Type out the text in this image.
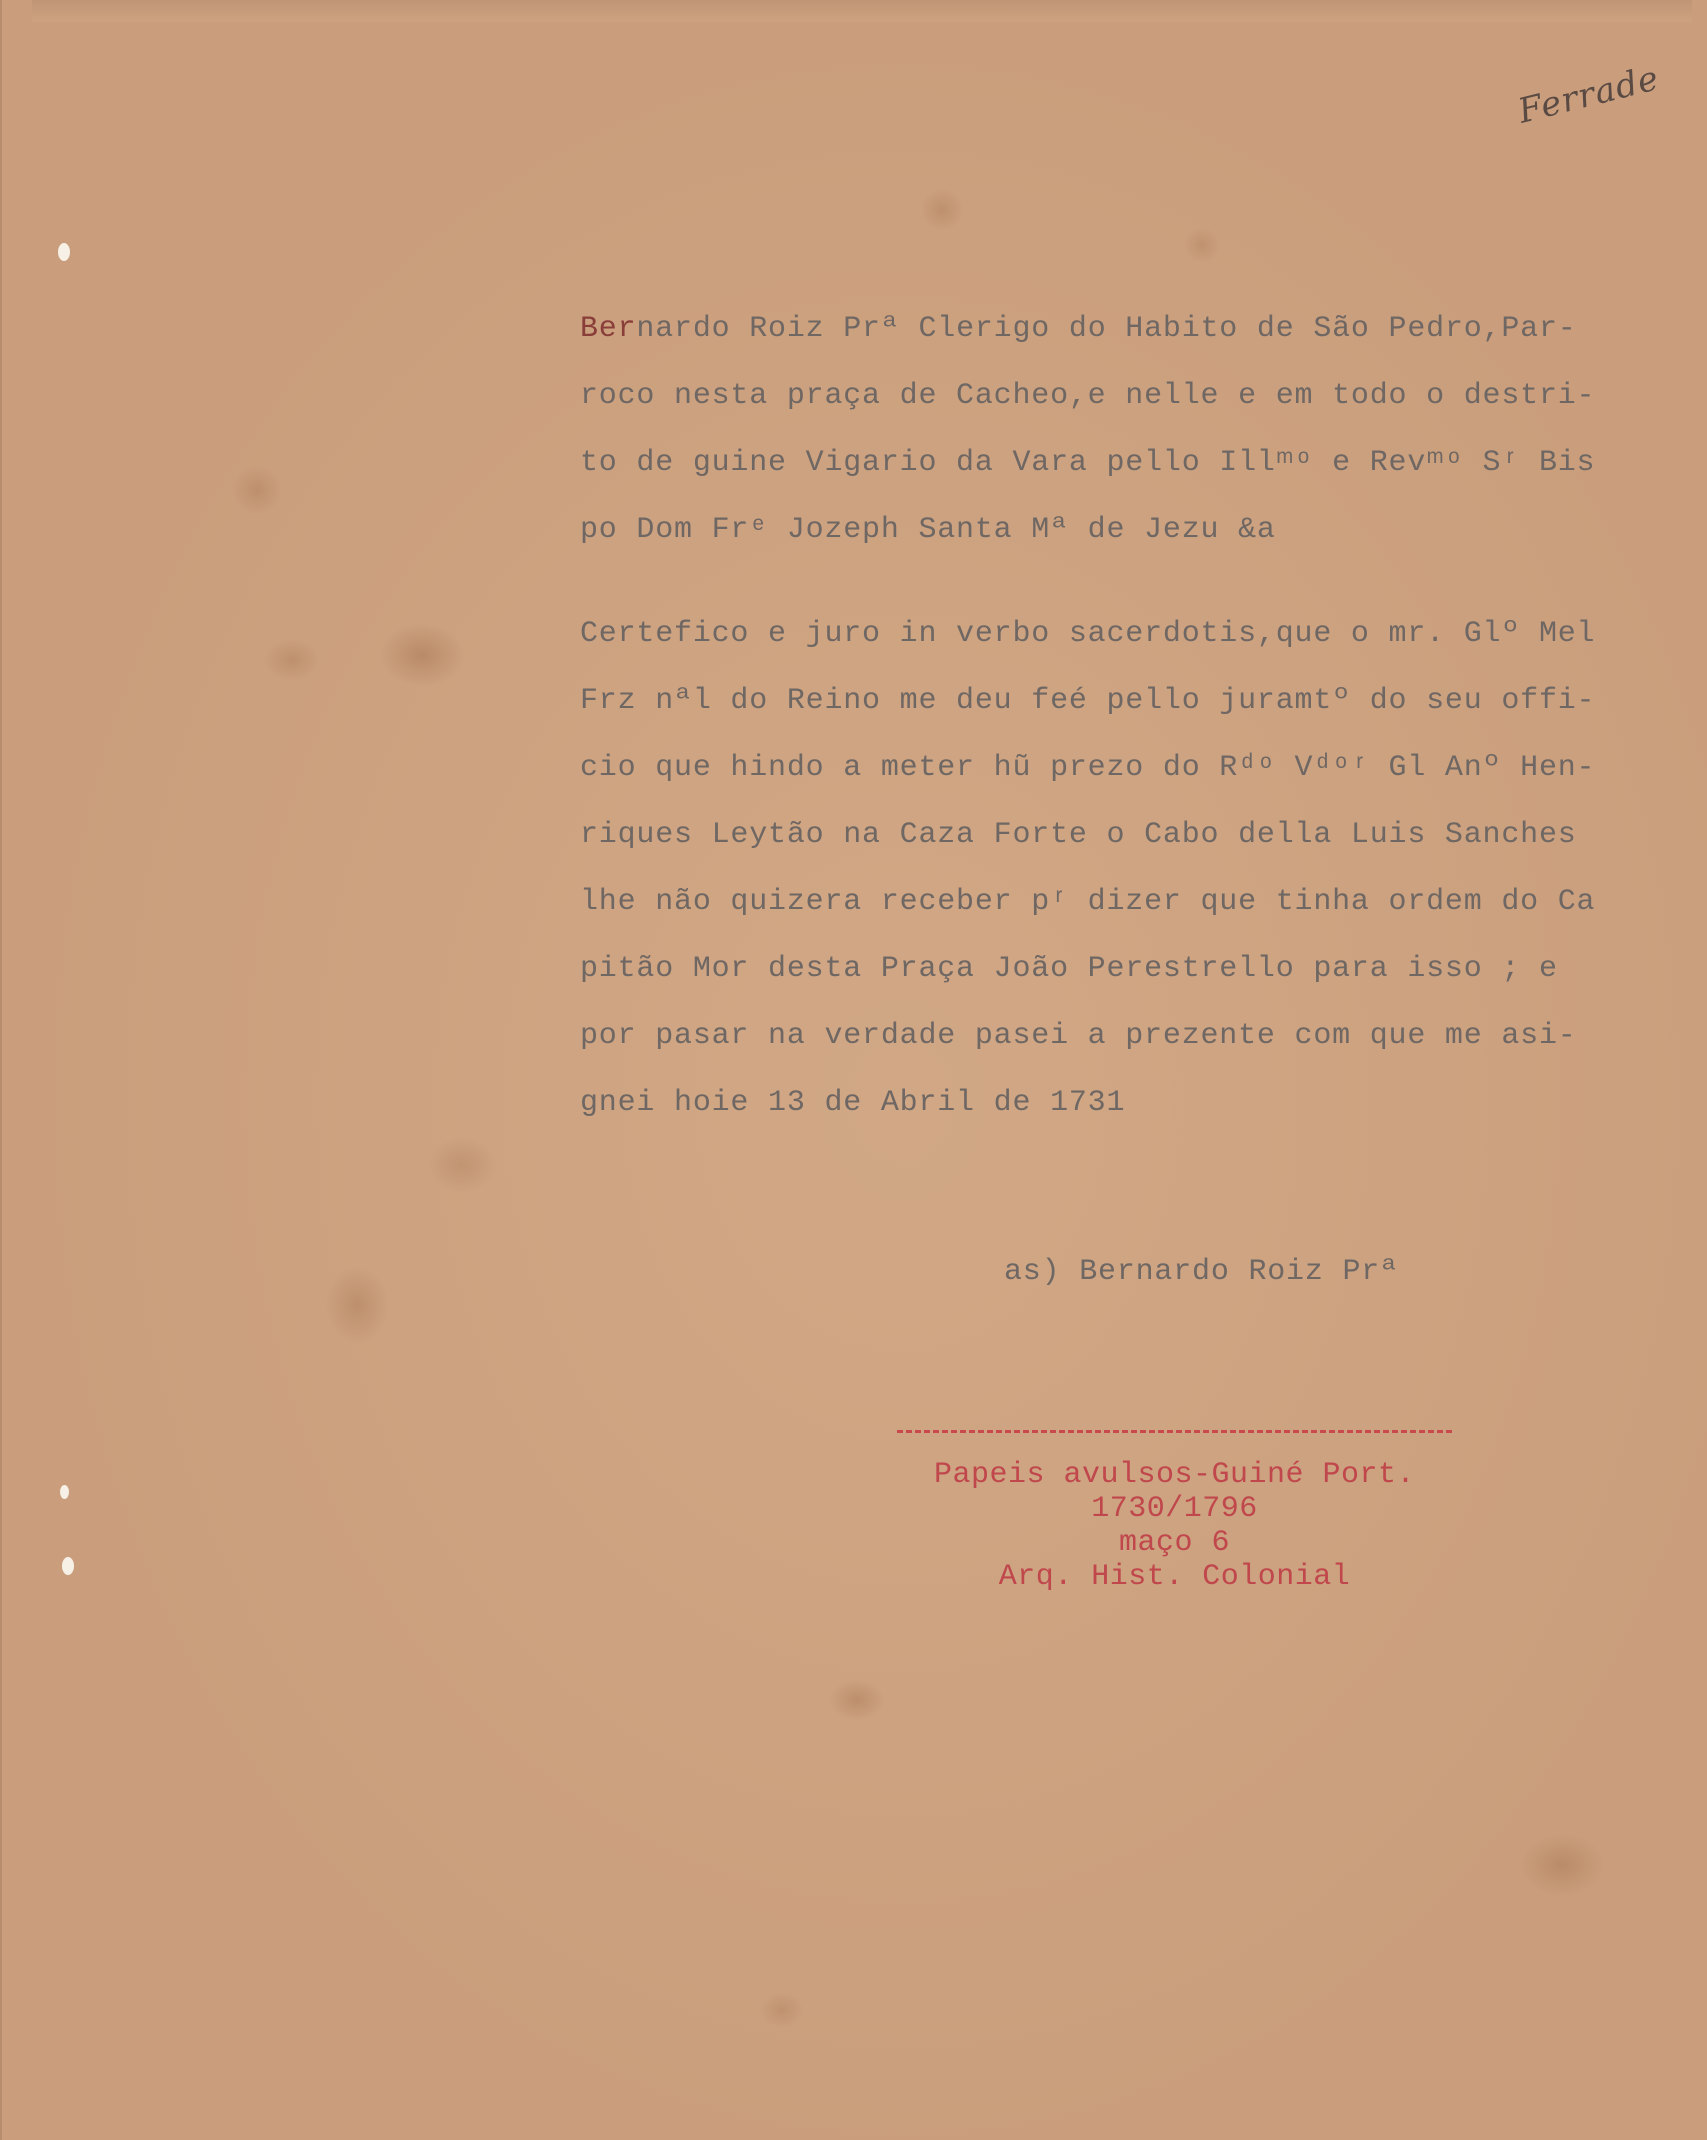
Ferrade
Bernardo Roiz Prª Clerigo do Habito de São Pedro,Par-
roco nesta praça de Cacheo,e nelle e em todo o destri-
to de guine Vigario da Vara pello Illᵐᵒ e Revᵐᵒ Sʳ Bis
po Dom Frᵉ Jozeph Santa Mª de Jezu &a
Certefico e juro in verbo sacerdotis,que o mr. Glº Mel
Frz nªl do Reino me deu feé pello juramtº do seu offi-
cio que hindo a meter hũ prezo do Rᵈᵒ Vᵈᵒʳ Gl Anº Hen-
riques Leytão na Caza Forte o Cabo della Luis Sanches
lhe não quizera receber pʳ dizer que tinha ordem do Ca
pitão Mor desta Praça João Perestrello para isso ; e
por pasar na verdade pasei a prezente com que me asi-
gnei hoie 13 de Abril de 1731
as) Bernardo Roiz Prª
Papeis avulsos-Guiné Port.
1730/1796
maço 6
Arq. Hist. Colonial
